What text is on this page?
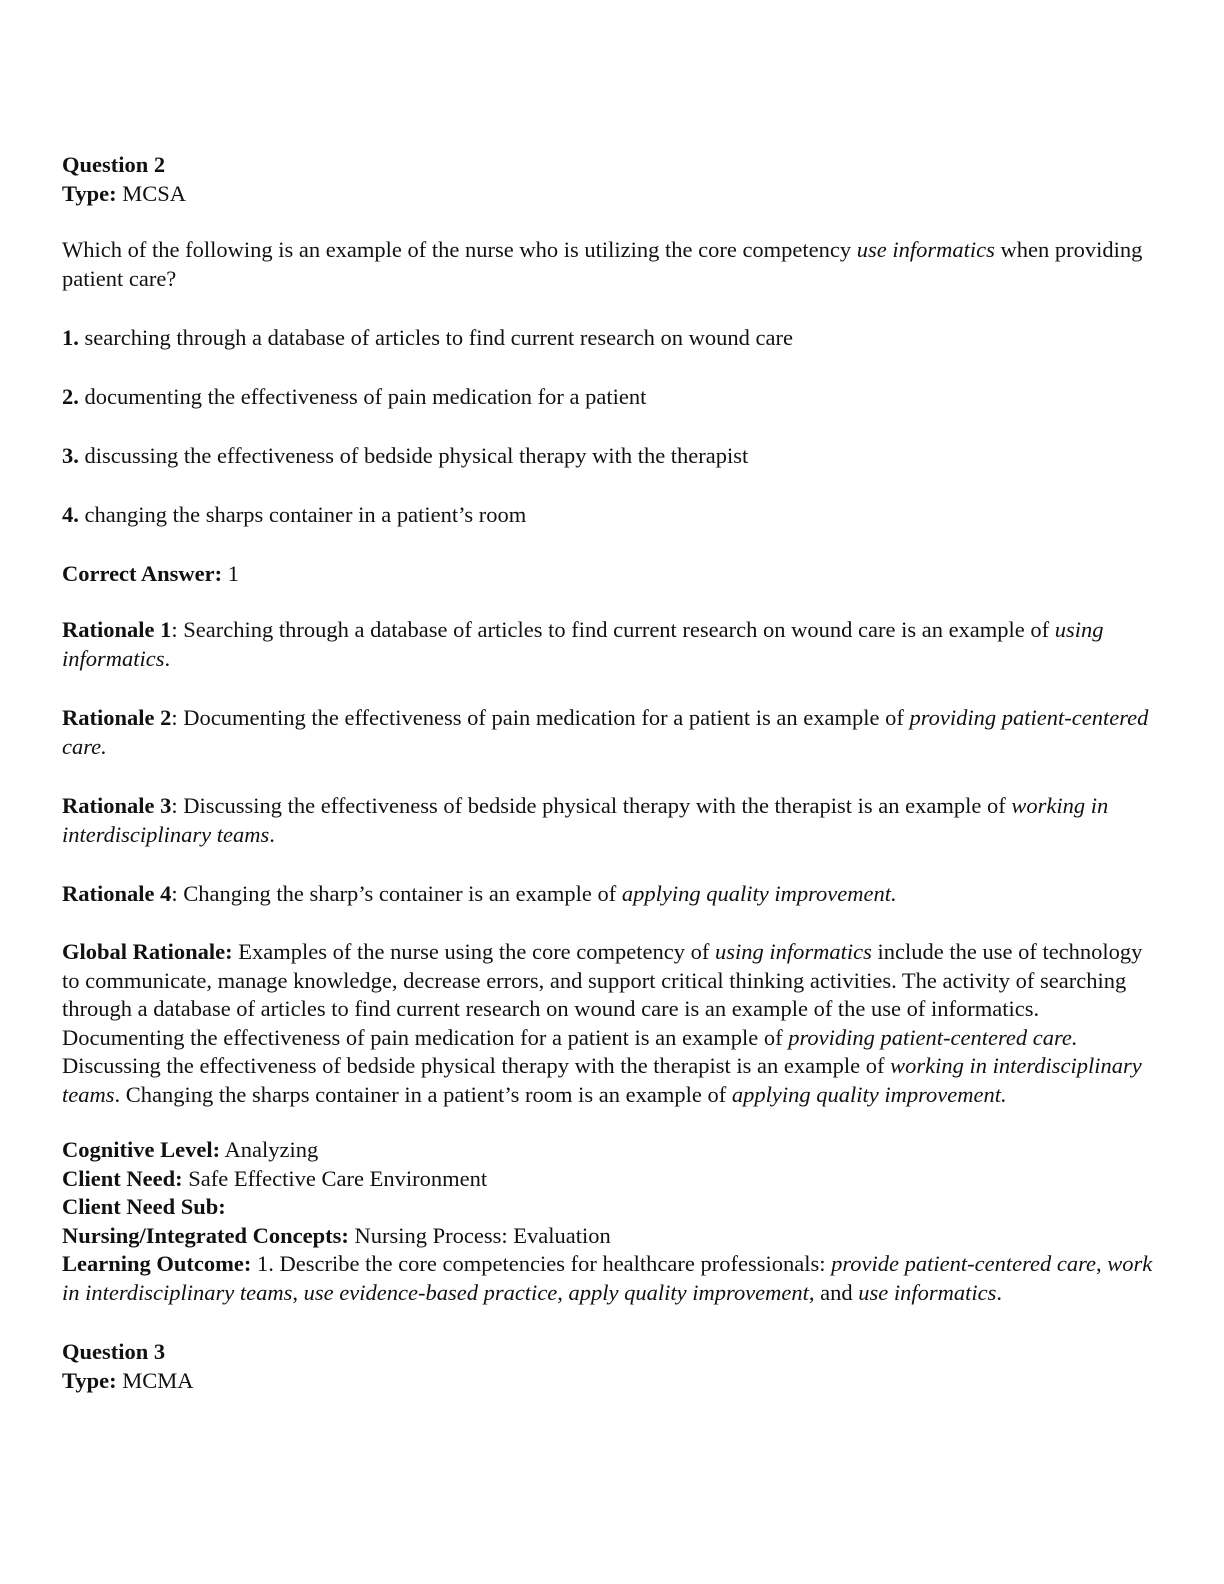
Question 2

Type: MCSA

Which of the following is an example of the nurse who is utilizing the core competency use informatics when providing patient care?

1. searching through a database of articles to find current research on wound care

2. documenting the effectiveness of pain medication for a patient

3. discussing the effectiveness of bedside physical therapy with the therapist

4. changing the sharps container in a patient’s room

Correct Answer: 1

Rationale 1: Searching through a database of articles to find current research on wound care is an example of using informatics.

Rationale 2: Documenting the effectiveness of pain medication for a patient is an example of providing patient-centered care.

Rationale 3: Discussing the effectiveness of bedside physical therapy with the therapist is an example of working in interdisciplinary teams.

Rationale 4: Changing the sharp’s container is an example of applying quality improvement.

Global Rationale: Examples of the nurse using the core competency of using informatics include the use of technology to communicate, manage knowledge, decrease errors, and support critical thinking activities. The activity of searching through a database of articles to find current research on wound care is an example of the use of informatics. Documenting the effectiveness of pain medication for a patient is an example of providing patient-centered care. Discussing the effectiveness of bedside physical therapy with the therapist is an example of working in interdisciplinary teams. Changing the sharps container in a patient’s room is an example of applying quality improvement.

Cognitive Level: Analyzing

Client Need: Safe Effective Care Environment

Client Need Sub:

Nursing/Integrated Concepts: Nursing Process: Evaluation

Learning Outcome: 1. Describe the core competencies for healthcare professionals: provide patient-centered care, work in interdisciplinary teams, use evidence-based practice, apply quality improvement, and use informatics.

Question 3

Type: MCMA
